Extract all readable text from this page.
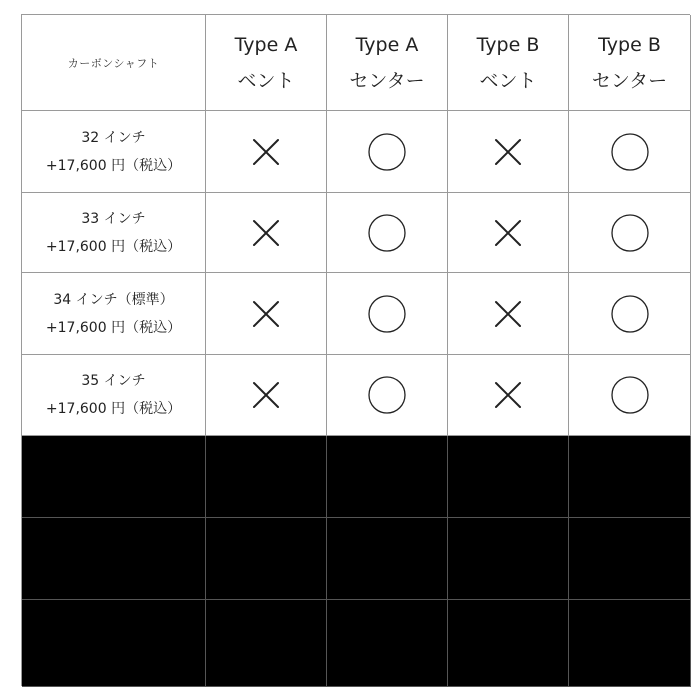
カーボンシャフト
Type A
ベント
Type A
センター
Type B
ベント
Type B
センター
32 インチ
+17,600 円（税込）
33 インチ
+17,600 円（税込）
34 インチ（標準）
+17,600 円（税込）
35 インチ
+17,600 円（税込）
